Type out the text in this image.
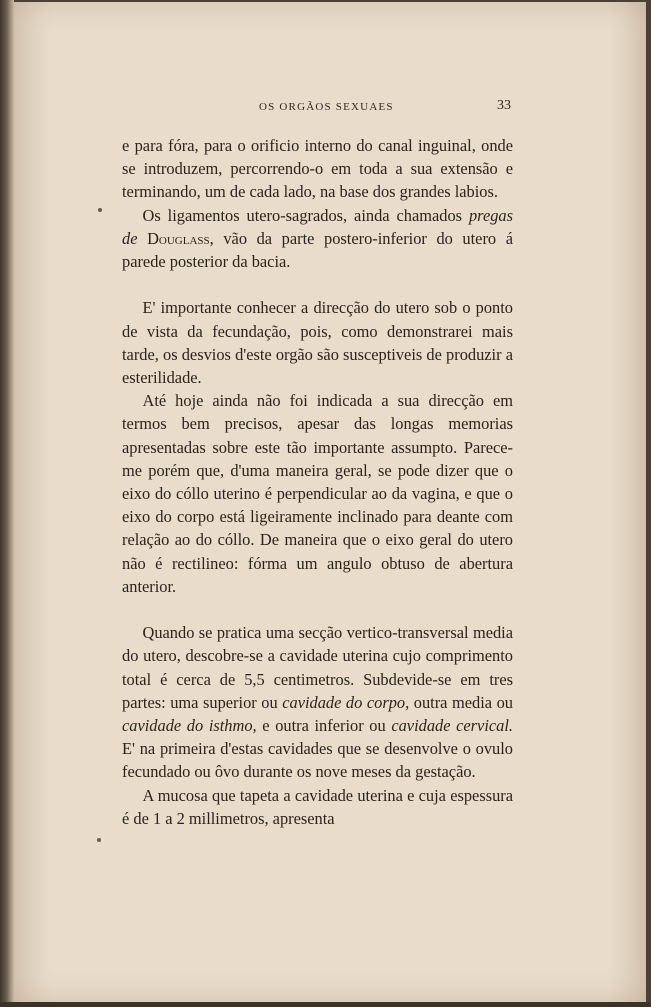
OS ORGÃOS SEXUAES	33

e para fóra, para o orificio interno do canal inguinal, onde se introduzem, percorrendo-o em toda a sua extensão e terminando, um de cada lado, na base dos grandes labios.

Os ligamentos utero-sagrados, ainda chamados pregas de Douglass, vão da parte postero-inferior do utero á parede posterior da bacia.

E' importante conhecer a direcção do utero sob o ponto de vista da fecundação, pois, como demonstrarei mais tarde, os desvios d'este orgão são susceptiveis de produzir a esterilidade.

Até hoje ainda não foi indicada a sua direcção em termos bem precisos, apesar das longas memorias apresentadas sobre este tão importante assumpto. Parece-me porém que, d'uma maneira geral, se pode dizer que o eixo do cóllo uterino é perpendicular ao da vagina, e que o eixo do corpo está ligeiramente inclinado para deante com relação ao do cóllo. De maneira que o eixo geral do utero não é rectilineo: fórma um angulo obtuso de abertura anterior.

Quando se pratica uma secção vertico-transversal media do utero, descobre-se a cavidade uterina cujo comprimento total é cerca de 5,5 centimetros. Subdevide-se em tres partes: uma superior ou cavidade do corpo, outra media ou cavidade do isthmo, e outra inferior ou cavidade cervical. E' na primeira d'estas cavidades que se desenvolve o ovulo fecundado ou ôvo durante os nove meses da gestação.

A mucosa que tapeta a cavidade uterina e cuja espessura é de 1 a 2 millimetros, apresenta
